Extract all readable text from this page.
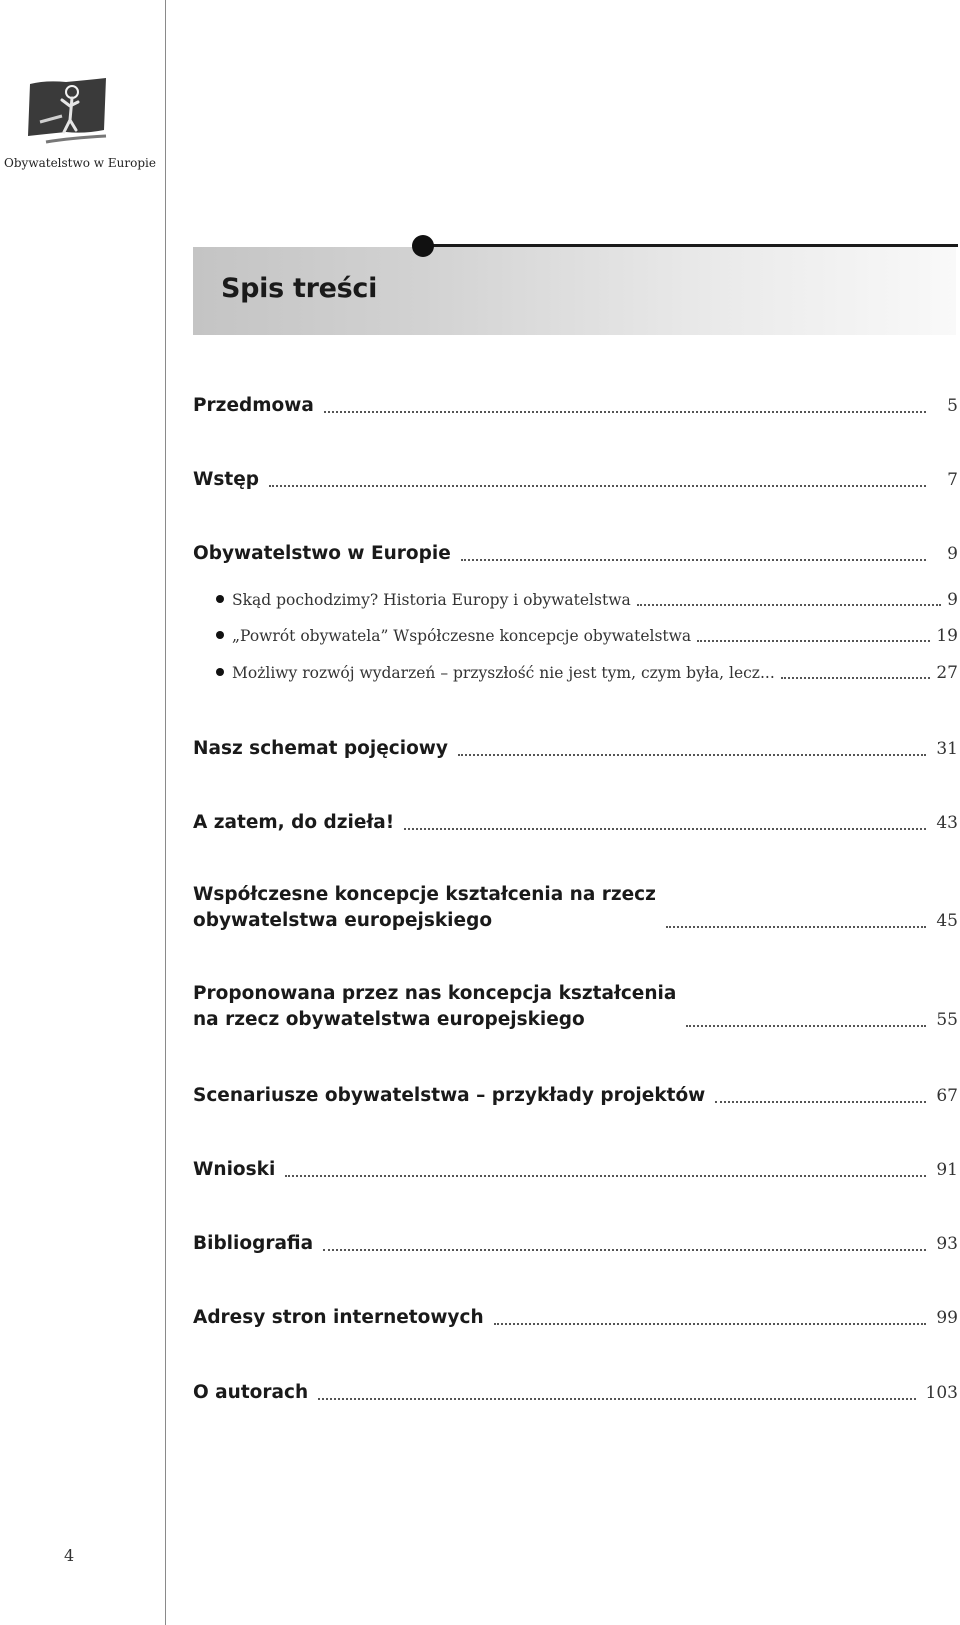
Obywatelstwo w Europie
Spis treści
Przedmowa	5
Wstęp	7
Obywatelstwo w Europie	9
Skąd pochodzimy? Historia Europy i obywatelstwa	9
„Powrót obywatela” Współczesne koncepcje obywatelstwa	19
Możliwy rozwój wydarzeń – przyszłość nie jest tym, czym była, lecz...	27
Nasz schemat pojęciowy	31
A zatem, do dzieła!	43
Współczesne koncepcje kształcenia na rzecz
obywatelstwa europejskiego	45
Proponowana przez nas koncepcja kształcenia
na rzecz obywatelstwa europejskiego	55
Scenariusze obywatelstwa – przykłady projektów	67
Wnioski	91
Bibliografia	93
Adresy stron internetowych	99
O autorach	103
4
